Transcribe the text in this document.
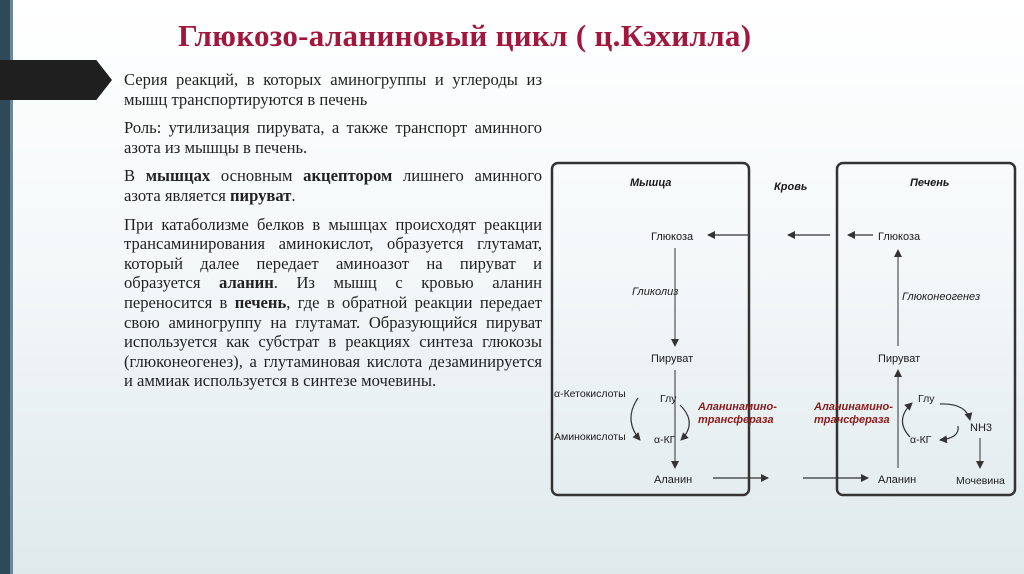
Глюкозо-аланиновый цикл ( ц.Кэхилла)

Серия реакций, в которых аминогруппы и углероды из мышц транспортируются в печень

Роль: утилизация пирувата, а также транспорт аминного азота из мышцы в печень.

В мышцах основным акцептором лишнего аминного азота является пируват.

При катаболизме белков в мышцах происходят реакции трансаминирования аминокислот, образуется глутамат, который далее передает аминоазот на пируват и образуется аланин. Из мышц с кровью аланин переносится в печень, где в обратной реакции передает свою аминогруппу на глутамат. Образующийся пируват используется как субстрат в реакциях синтеза глюкозы (глюконеогенез), а глутаминовая кислота дезаминируется и аммиак используется в синтезе мочевины.

Мышца	Кровь	Печень
Глюкоза
Гликолиз
Пируват
α-Кетокислоты
Аминокислоты
Глу
α-КГ
Аланинамино-
трансфераза
Аланин
Глюкоза
Глюконеогенез
Пируват
Аланинамино-
трансфераза
Глу
α-КГ
NH3
Мочевина
Аланин
